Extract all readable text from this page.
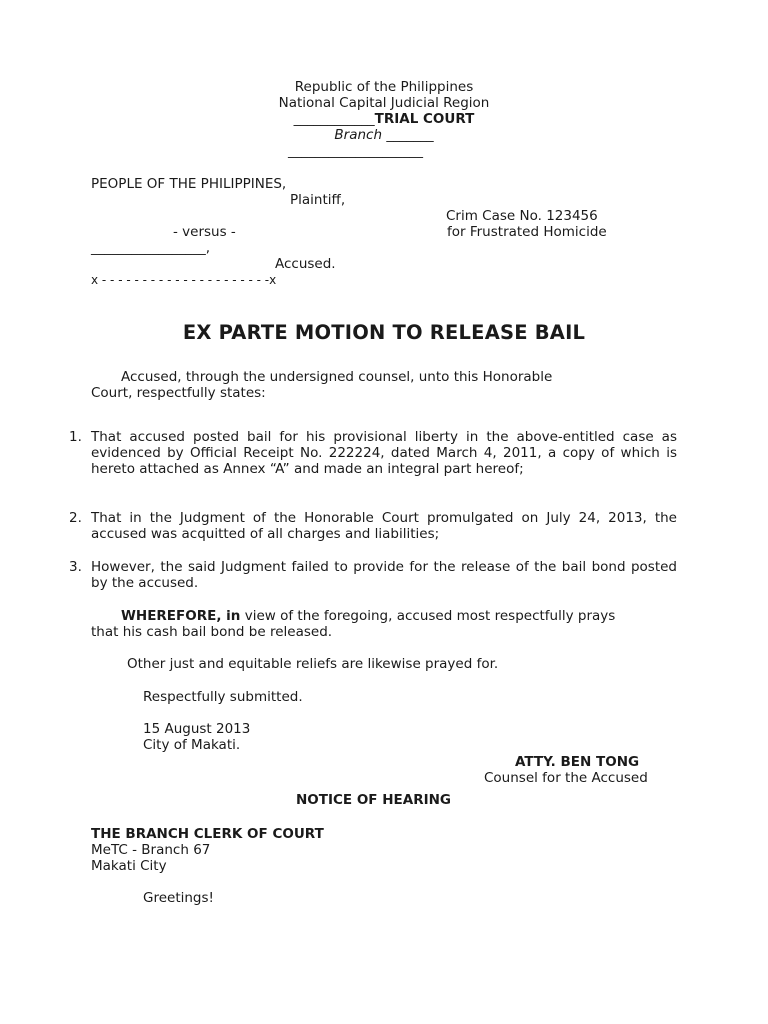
Republic of the Philippines
National Capital Judicial Region
____________TRIAL COURT
Branch _______
____________________
PEOPLE OF THE PHILIPPINES,
Plaintiff,
Crim Case No. 123456
- versus -	for Frustrated Homicide
_________________,
Accused.
x - - - - - - - - - - - - - - - - - - - - -x
EX PARTE MOTION TO RELEASE BAIL
Accused, through the undersigned counsel, unto this Honorable
Court, respectfully states:
1. That accused posted bail for his provisional liberty in the above-entitled case as evidenced by Official Receipt No. 222224, dated March 4, 2011, a copy of which is hereto attached as Annex “A” and made an integral part hereof;
2. That in the Judgment of the Honorable Court promulgated on July 24, 2013, the accused was acquitted of all charges and liabilities;
3. However, the said Judgment failed to provide for the release of the bail bond posted by the accused.
WHEREFORE, in view of the foregoing, accused most respectfully prays
that his cash bail bond be released.
Other just and equitable reliefs are likewise prayed for.
Respectfully submitted.
15 August 2013
City of Makati.
ATTY. BEN TONG
Counsel for the Accused
NOTICE OF HEARING
THE BRANCH CLERK OF COURT
MeTC - Branch 67
Makati City
Greetings!
